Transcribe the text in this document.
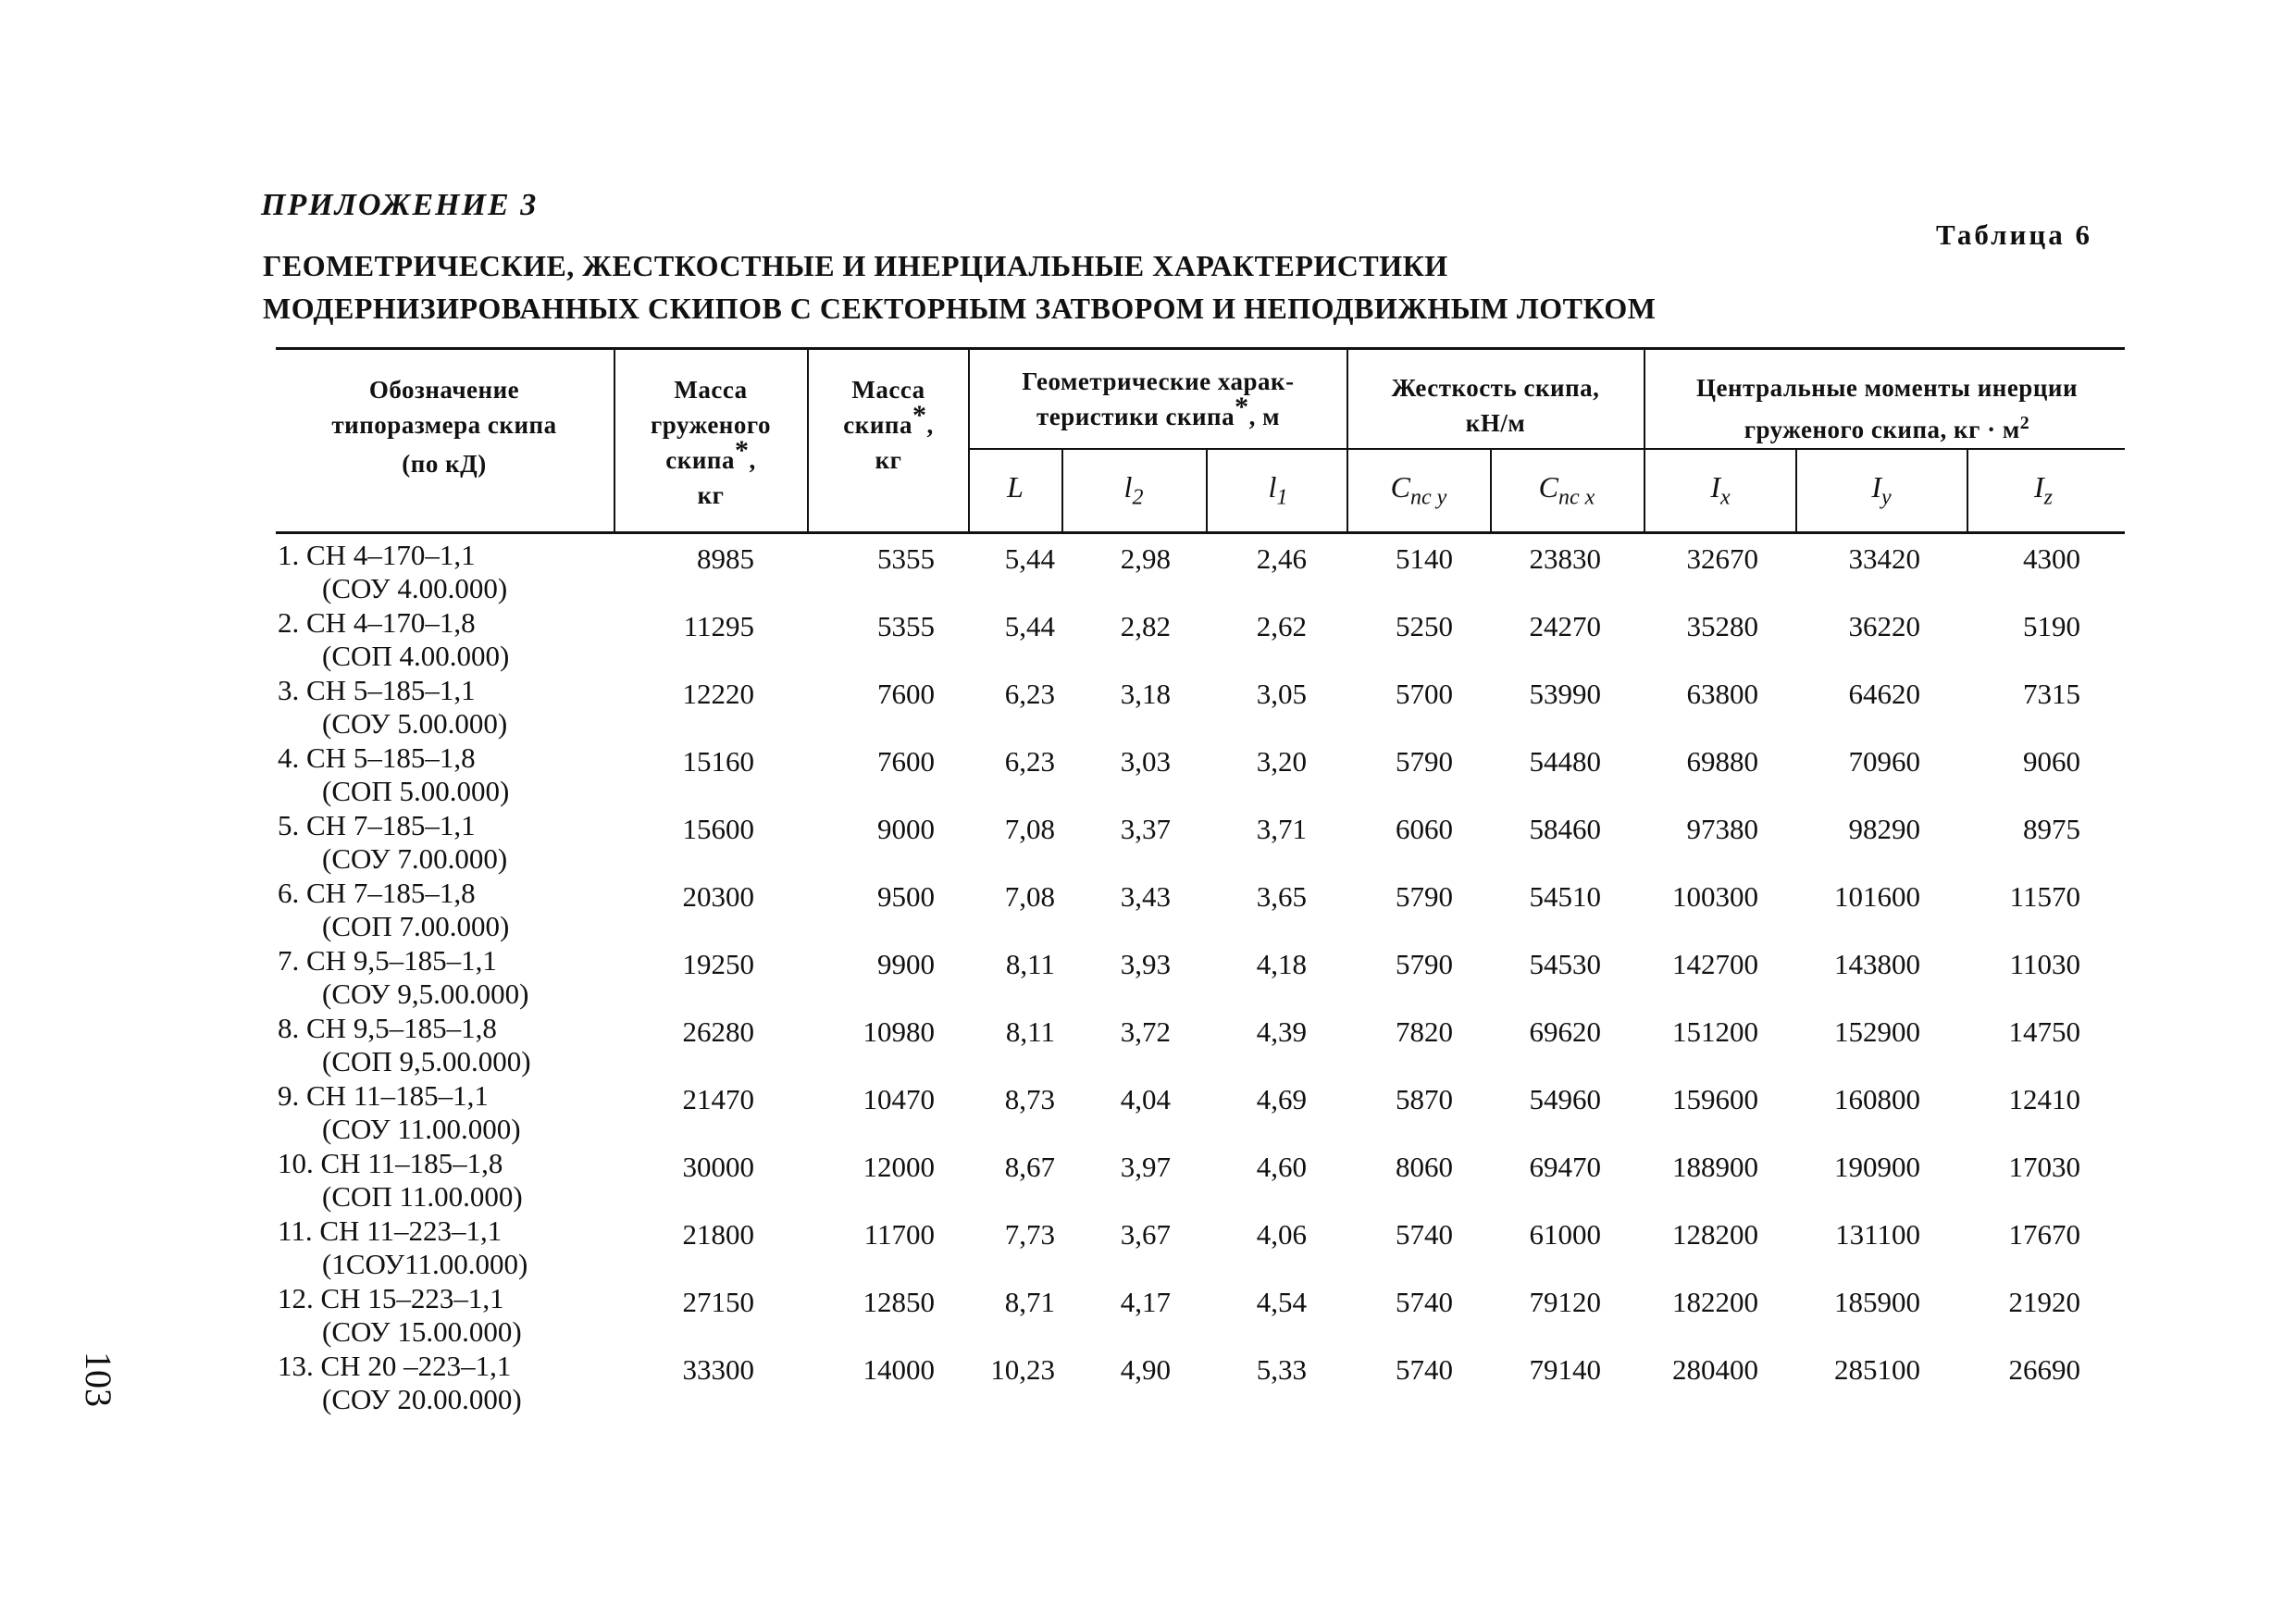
ПРИЛОЖЕНИЕ 3
Таблица 6
ГЕОМЕТРИЧЕСКИЕ, ЖЕСТКОСТНЫЕ И ИНЕРЦИАЛЬНЫЕ ХАРАКТЕРИСТИКИ
МОДЕРНИЗИРОВАННЫХ СКИПОВ С СЕКТОРНЫМ ЗАТВОРОМ И НЕПОДВИЖНЫМ ЛОТКОМ
103
Обозначение
типоразмера скипа
(по кД)
Масса
груженого
скипа*,
кг
Масса
скипа*,
кг
Геометрические харак-
теристики скипа*, м
Жесткость скипа,
кН/м
Центральные моменты инерции
груженого скипа, кг · $м^2$
L	$l_2$	$l_1$	$C_{пс y}$	$C_{пс x}$	$I_x$	$I_y$	$I_z$
1. СН 4–170–1,1
(СОУ 4.00.000)
8985	5355 5,44 2,98	2,46	5140	23830	32670	33420	4300
2. СН 4–170–1,8
(СОП 4.00.000)
11295	5355 5,44 2,82	2,62	5250	24270	35280	36220	5190
3. СН 5–185–1,1
(СОУ 5.00.000)
12220	7600 6,23 3,18	3,05	5700	53990	63800	64620	7315
4. СН 5–185–1,8
(СОП 5.00.000)
15160	7600 6,23 3,03	3,20	5790	54480	69880	70960	9060
5. СН 7–185–1,1
(СОУ 7.00.000)
15600	9000 7,08 3,37	3,71	6060	58460	97380	98290	8975
6. СН 7–185–1,8
(СОП 7.00.000)
20300	9500 7,08 3,43	3,65	5790	54510 100300	101600	11570
7. СН 9,5–185–1,1
(СОУ 9,5.00.000)
19250	9900 8,11 3,93	4,18	5790	54530 142700	143800	11030
8. СН 9,5–185–1,8
(СОП 9,5.00.000)
26280	10980 8,11 3,72	4,39	7820	69620 151200	152900	14750
9. СН 11–185–1,1
(СОУ 11.00.000)
21470	10470 8,73 4,04	4,69	5870	54960 159600	160800	12410
10. СН 11–185–1,8
(СОП 11.00.000)
30000	12000 8,67 3,97	4,60	8060	69470 188900	190900	17030
11. СН 11–223–1,1
(1СОУ11.00.000)
21800	11700 7,73 3,67	4,06	5740	61000 128200	131100	17670
12. СН 15–223–1,1
(СОУ 15.00.000)
27150	12850 8,71 4,17	4,54	5740	79120 182200	185900	21920
13. СН 20 –223–1,1
(СОУ 20.00.000)
33300	14000 10,23 4,90	5,33	5740	79140 280400	285100	26690
